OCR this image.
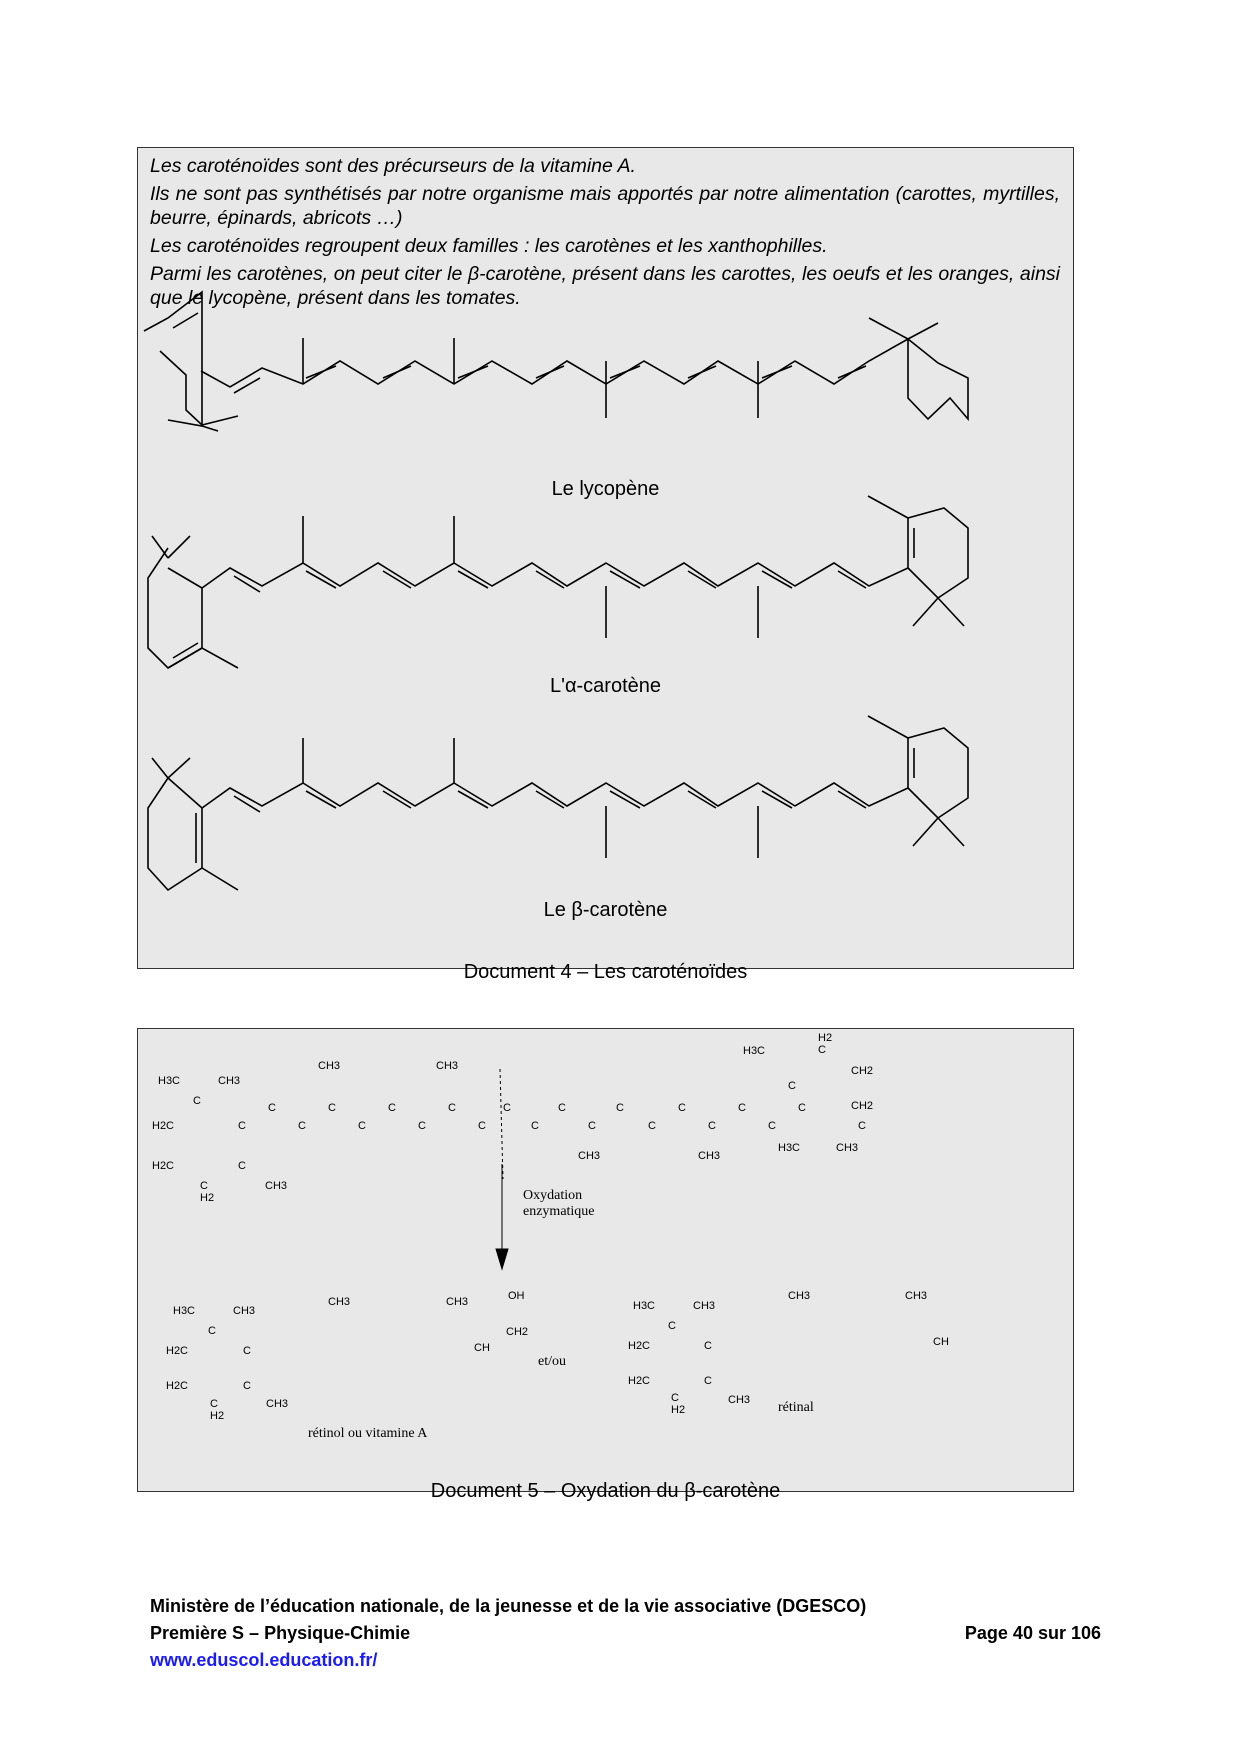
Les caroténoïdes sont des précurseurs de la vitamine A.

Ils ne sont pas synthétisés par notre organisme mais apportés par notre alimentation (carottes, myrtilles, beurre, épinards, abricots …)

Les caroténoïdes regroupent deux familles : les carotènes et les xanthophilles.

Parmi les carotènes, on peut citer le β-carotène, présent dans les carottes, les oeufs et les oranges, ainsi que le lycopène, présent dans les tomates.

Le lycopène
L'α-carotène
Le β-carotène
Document 4 – Les caroténoïdes
H3C	CH3
C
H2C	C
H2C	C
C
H2
CH3
C
C
C
C
C
C
C
C
C
C
C
C
C
C
C
C
C
C
C
C
CH3	CH3
CH3	CH3
H3C
H2
C
CH2
CH2
H3C	CH3
C
Oxydation
enzymatique
H3C	CH3
C
H2C	C
H2C	C
C
H2
CH3
CH3	CH3	OH
CH2
CH
et/ou
rétinol ou vitamine A
H3C	CH3
C
H2C	C
H2C	C
C
H2
CH3
CH3	CH3
CH
rétinal
Document 5 – Oxydation du β-carotène
Ministère de l’éducation nationale, de la jeunesse et de la vie associative (DGESCO)
Première S – Physique-Chimie	Page 40 sur 106
www.eduscol.education.fr/
